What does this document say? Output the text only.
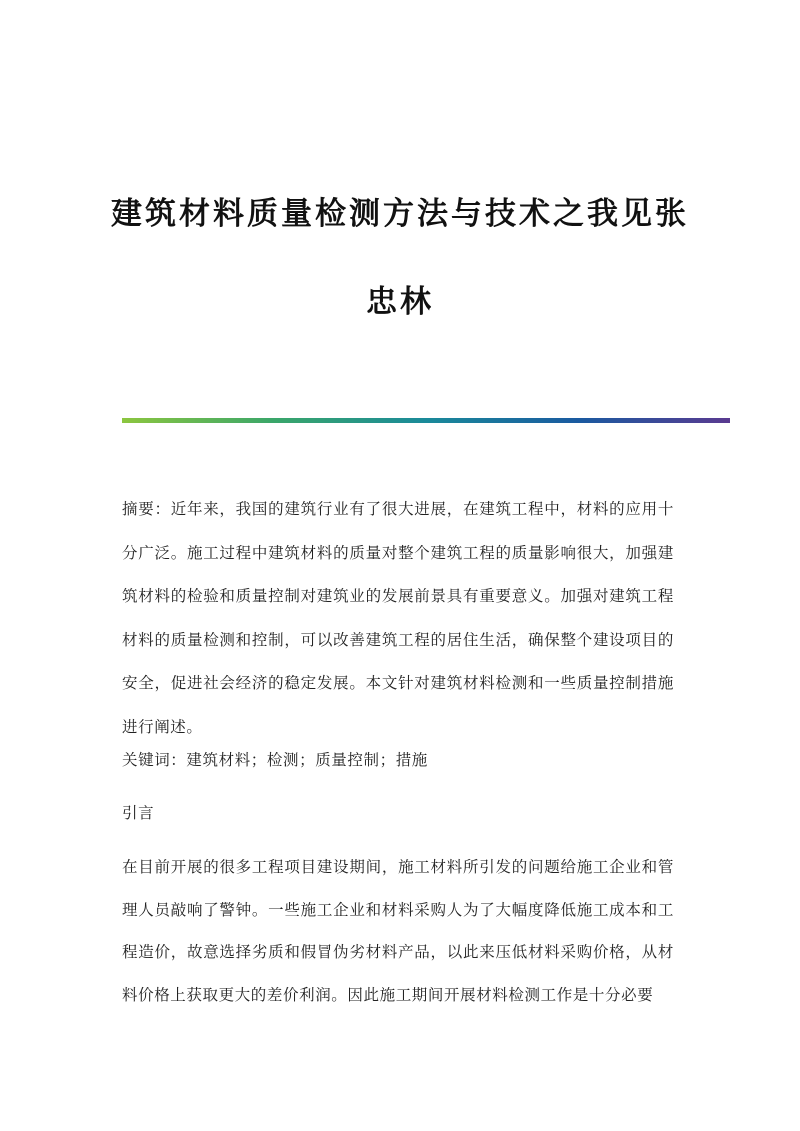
建筑材料质量检测方法与技术之我见张
忠林
摘要：近年来，我国的建筑行业有了很大进展，在建筑工程中，材料的应用十分广泛。施工过程中建筑材料的质量对整个建筑工程的质量影响很大，加强建筑材料的检验和质量控制对建筑业的发展前景具有重要意义。加强对建筑工程材料的质量检测和控制，可以改善建筑工程的居住生活，确保整个建设项目的安全，促进社会经济的稳定发展。本文针对建筑材料检测和一些质量控制措施进行阐述。
关键词：建筑材料；检测；质量控制；措施
引言
在目前开展的很多工程项目建设期间，施工材料所引发的问题给施工企业和管理人员敲响了警钟。一些施工企业和材料采购人为了大幅度降低施工成本和工程造价，故意选择劣质和假冒伪劣材料产品，以此来压低材料采购价格，从材料价格上获取更大的差价利润。因此施工期间开展材料检测工作是十分必要
